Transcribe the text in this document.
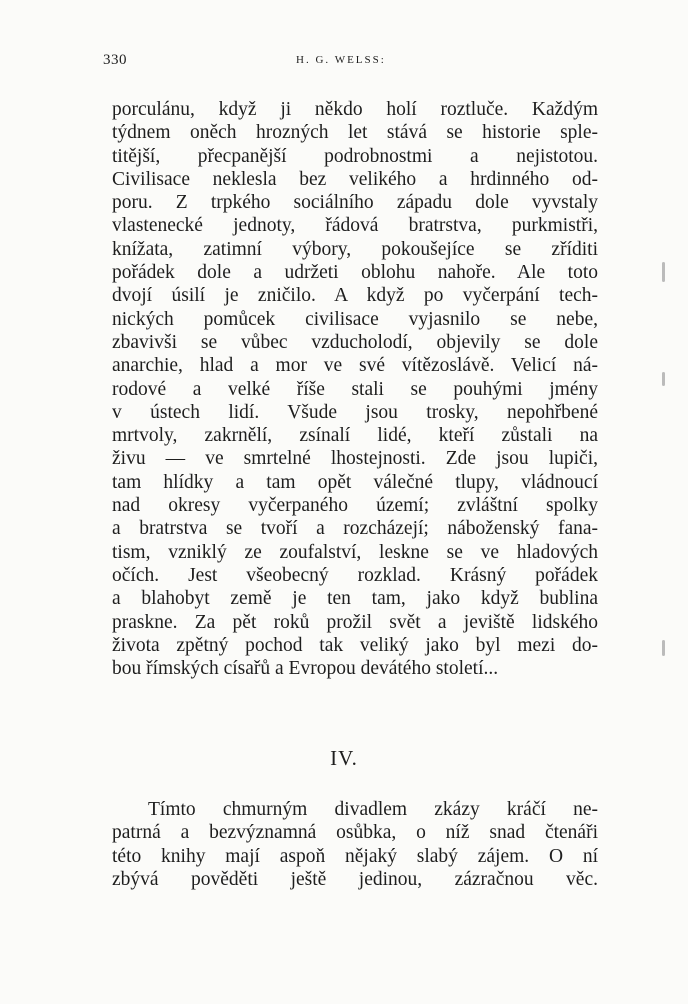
330	H. G. WELSS:
porculánu, když ji někdo holí roztluče. Každým
týdnem oněch hrozných let stává se historie sple-
titější, přecpanější podrobnostmi a nejistotou.
Civilisace neklesla bez velikého a hrdinného od-
poru. Z trpkého sociálního západu dole vyvstaly
vlastenecké jednoty, řádová bratrstva, purkmistři,
knížata, zatimní výbory, pokoušejíce se zříditi
pořádek dole a udržeti oblohu nahoře. Ale toto
dvojí úsilí je zničilo. A když po vyčerpání tech-
nických pomůcek civilisace vyjasnilo se nebe,
zbavivši se vůbec vzducholodí, objevily se dole
anarchie, hlad a mor ve své vítězoslávě. Velicí ná-
rodové a velké říše stali se pouhými jmény
v ústech lidí. Všude jsou trosky, nepohřbené
mrtvoly, zakrnělí, zsínalí lidé, kteří zůstali na
živu — ve smrtelné lhostejnosti. Zde jsou lupiči,
tam hlídky a tam opět válečné tlupy, vládnoucí
nad okresy vyčerpaného území; zvláštní spolky
a bratrstva se tvoří a rozcházejí; náboženský fana-
tism, vzniklý ze zoufalství, leskne se ve hladových
očích. Jest všeobecný rozklad. Krásný pořádek
a blahobyt země je ten tam, jako když bublina
praskne. Za pět roků prožil svět a jeviště lidského
života zpětný pochod tak veliký jako byl mezi do-
bou římských císařů a Evropou devátého století...
IV.
Tímto chmurným divadlem zkázy kráčí ne-
patrná a bezvýznamná osůbka, o níž snad čtenáři
této knihy mají aspoň nějaký slabý zájem. O ní
zbývá pověděti ještě jedinou, zázračnou věc.
